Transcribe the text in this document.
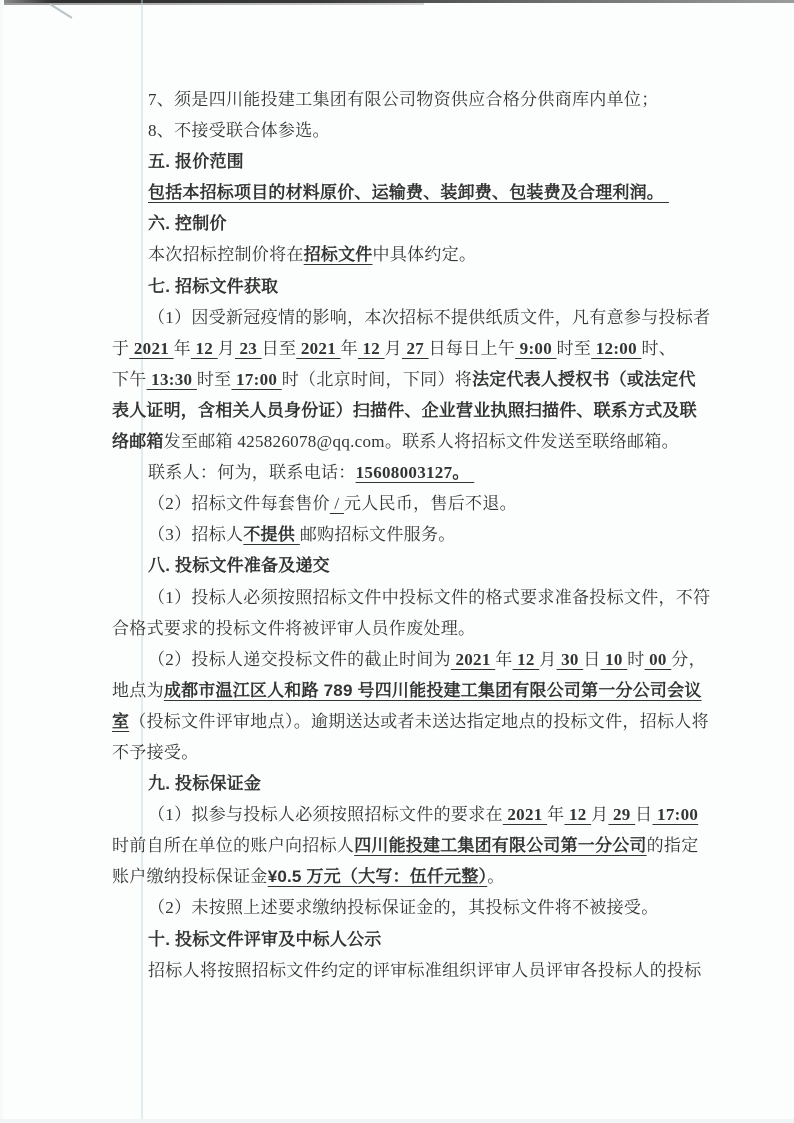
7、须是四川能投建工集团有限公司物资供应合格分供商库内单位；
8、不接受联合体参选。
五. 报价范围
包括本招标项目的材料原价、运输费、装卸费、包装费及合理利润。
六. 控制价
本次招标控制价将在招标文件中具体约定。
七. 招标文件获取
（1）因受新冠疫情的影响，本次招标不提供纸质文件，凡有意参与投标者
于 2021 年 12 月 23 日至 2021 年 12 月 27 日每日上午 9:00 时至 12:00 时、
下午 13:30 时至 17:00 时（北京时间，下同）将法定代表人授权书（或法定代
表人证明，含相关人员身份证）扫描件、企业营业执照扫描件、联系方式及联
络邮箱发至邮箱 425826078@qq.com。联系人将招标文件发送至联络邮箱。
联系人：何为，联系电话：15608003127。
（2）招标文件每套售价 / 元人民币，售后不退。
（3）招标人不提供 邮购招标文件服务。
八. 投标文件准备及递交
（1）投标人必须按照招标文件中投标文件的格式要求准备投标文件，不符
合格式要求的投标文件将被评审人员作废处理。
（2）投标人递交投标文件的截止时间为 2021 年 12 月 30 日 10 时 00 分，
地点为成都市温江区人和路 789 号四川能投建工集团有限公司第一分公司会议
室（投标文件评审地点）。逾期送达或者未送达指定地点的投标文件，招标人将
不予接受。
九. 投标保证金
（1）拟参与投标人必须按照招标文件的要求在 2021 年 12 月 29 日 17:00
时前自所在单位的账户向招标人四川能投建工集团有限公司第一分公司的指定
账户缴纳投标保证金¥0.5 万元（大写：伍仟元整）。
（2）未按照上述要求缴纳投标保证金的，其投标文件将不被接受。
十. 投标文件评审及中标人公示
招标人将按照招标文件约定的评审标准组织评审人员评审各投标人的投标
